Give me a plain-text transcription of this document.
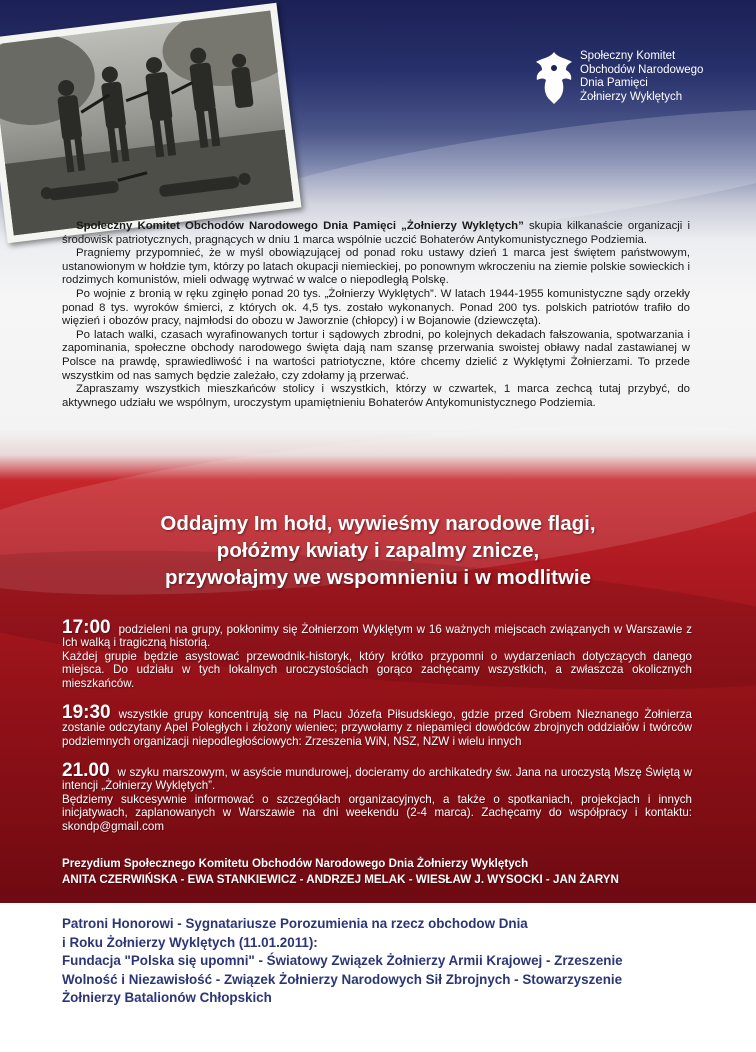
Społeczny Komitet
Obchodów Narodowego
Dnia Pamięci
Żołnierzy Wyklętych

Społeczny Komitet Obchodów Narodowego Dnia Pamięci „Żołnierzy Wyklętych” skupia kilkanaście organizacji i środowisk patriotycznych, pragnących w dniu 1 marca wspólnie uczcić Bohaterów Antykomunistycznego Podziemia.

Pragniemy przypomnieć, że w myśl obowiązującej od ponad roku ustawy dzień 1 marca jest świętem państwowym, ustanowionym w hołdzie tym, którzy po latach okupacji niemieckiej, po ponownym wkroczeniu na ziemie polskie sowieckich i rodzimych komunistów, mieli odwagę wytrwać w walce o niepodległą Polskę.

Po wojnie z bronią w ręku zginęło ponad 20 tys. „Żołnierzy Wyklętych”. W latach 1944-1955 komunistyczne sądy orzekły ponad 8 tys. wyroków śmierci, z których ok. 4,5 tys. zostało wykonanych. Ponad 200 tys. polskich patriotów trafiło do więzień i obozów pracy, najmłodsi do obozu w Jaworznie (chłopcy) i w Bojanowie (dziewczęta).

Po latach walki, czasach wyrafinowanych tortur i sądowych zbrodni, po kolejnych dekadach fałszowania, spotwarzania i zapominania, społeczne obchody narodowego święta dają nam szansę przerwania swoistej obławy nadal zastawianej w Polsce na prawdę, sprawiedliwość i na wartości patriotyczne, które chcemy dzielić z Wyklętymi Żołnierzami. To przede wszystkim od nas samych będzie zależało, czy zdołamy ją przerwać.

Zapraszamy wszystkich mieszkańców stolicy i wszystkich, którzy w czwartek, 1 marca zechcą tutaj przybyć, do aktywnego udziału we wspólnym, uroczystym upamiętnieniu Bohaterów Antykomunistycznego Podziemia.

Oddajmy Im hołd, wywieśmy narodowe flagi,
połóżmy kwiaty i zapalmy znicze,
przywołajmy we wspomnieniu i w modlitwie
17:00 podzieleni na grupy, pokłonimy się Żołnierzom Wyklętym w 16 ważnych miejscach związanych w Warszawie z Ich walką i tragiczną historią.
Każdej grupie będzie asystować przewodnik-historyk, który krótko przypomni o wydarzeniach dotyczących danego miejsca. Do udziału w tych lokalnych uroczystościach gorąco zachęcamy wszystkich, a zwłaszcza okolicznych mieszkańców.
19:30 wszystkie grupy koncentrują się na Placu Józefa Piłsudskiego, gdzie przed Grobem Nieznanego Żołnierza zostanie odczytany Apel Poległych i złożony wieniec; przywołamy z niepamięci dowódców zbrojnych oddziałów i twórców podziemnych organizacji niepodległościowych: Zrzeszenia WiN, NSZ, NZW i wielu innych
21.00 w szyku marszowym, w asyście mundurowej, docieramy do archikatedry św. Jana na uroczystą Mszę Świętą w intencji „Żołnierzy Wyklętych”.
Będziemy sukcesywnie informować o szczegółach organizacyjnych, a także o spotkaniach, projekcjach i innych inicjatywach, zaplanowanych w Warszawie na dni weekendu (2-4 marca). Zachęcamy do współpracy i kontaktu: skondp@gmail.com
Prezydium Społecznego Komitetu Obchodów Narodowego Dnia Żołnierzy Wyklętych
ANITA CZERWIŃSKA - EWA STANKIEWICZ - ANDRZEJ MELAK - WIESŁAW J. WYSOCKI - JAN ŻARYN
Patroni Honorowi - Sygnatariusze Porozumienia na rzecz obchodow Dnia
i Roku Żołnierzy Wyklętych (11.01.2011):
Fundacja "Polska się upomni" - Światowy Związek Żołnierzy Armii Krajowej - Zrzeszenie
Wolność i Niezawisłość - Związek Żołnierzy Narodowych Sił Zbrojnych - Stowarzyszenie
Żołnierzy Batalionów Chłopskich
